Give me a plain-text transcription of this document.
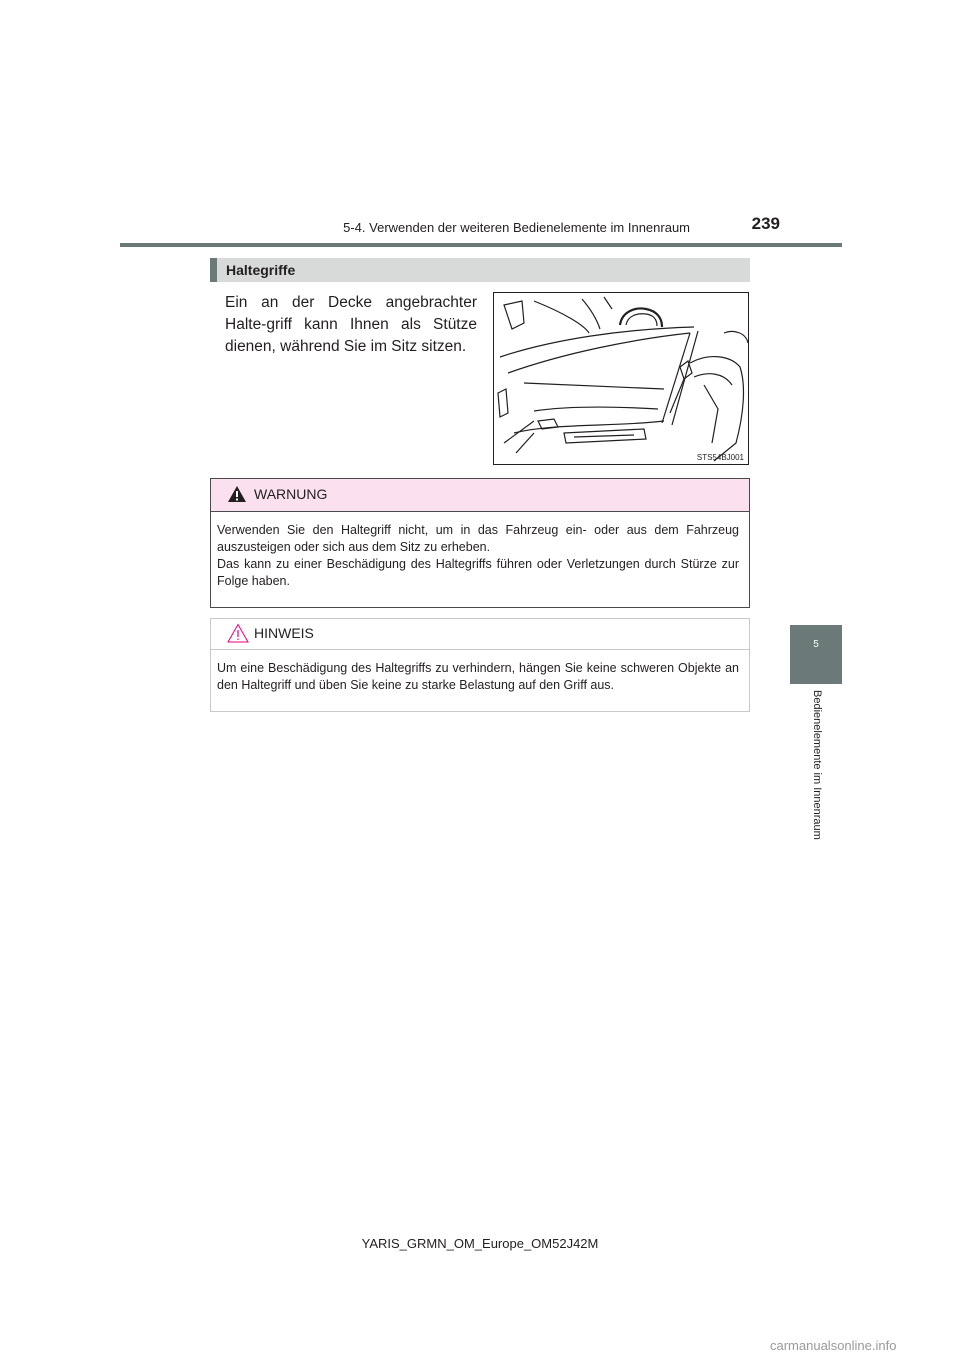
5-4. Verwenden der weiteren Bedienelemente im Innenraum	239
Haltegriffe
Ein an der Decke angebrachter Halte-griff kann Ihnen als Stütze dienen, während Sie im Sitz sitzen.
STS54BJ001
WARNUNG
Verwenden Sie den Haltegriff nicht, um in das Fahrzeug ein- oder aus dem Fahrzeug auszusteigen oder sich aus dem Sitz zu erheben.
Das kann zu einer Beschädigung des Haltegriffs führen oder Verletzungen durch Stürze zur Folge haben.
HINWEIS
Um eine Beschädigung des Haltegriffs zu verhindern, hängen Sie keine schweren Objekte an den Haltegriff und üben Sie keine zu starke Belastung auf den Griff aus.
5
Bedienelemente im Innenraum
YARIS_GRMN_OM_Europe_OM52J42M
carmanualsonline.info
